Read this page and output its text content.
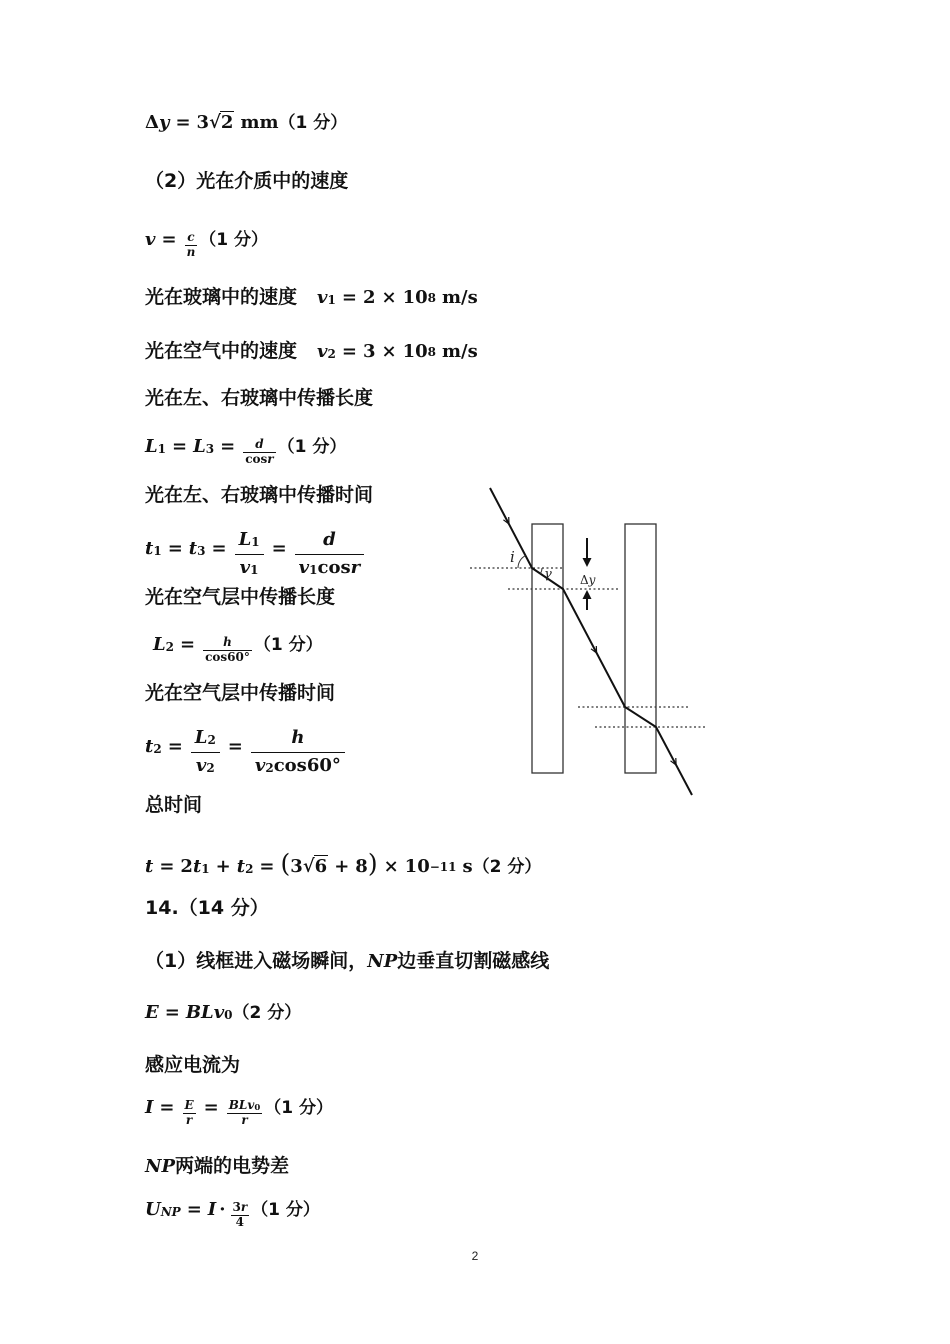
Δ y = 3 √ 2 mm （1 分）
（2）光在介质中的速度
$v = \frac{c}{n} (1$ 分）
光在玻璃中的速度 v $_1$ = 2 × 10 $^8$ m/s
光在空气中的速度 v $_2$ = 3 × 10 $^8$ m/s
光在左、右玻璃中传播长度
L $_1$ = L $_3 = \frac{d}{\cos r} (1$ 分）
光在左、右玻璃中传播时间
t $_1$ = t $_3 = \frac{L_1}{v_1} = \frac{d}{v_1\cos r}$
光在空气层中传播长度
L $_2 = \frac{h}{\cos 60^\circ} (1$ 分）
光在空气层中传播时间
t $_2 = \frac{L_2}{v_2} = \frac{h}{v_2\cos 60^\circ}$
总时间
t = 2 t $_1$ + t $_2$ = ( 3 √ 6 + 8 ) × 10 $^{-11}$ s （2 分）
14.（14 分）
（1）线框进入磁场瞬间， NP 边垂直切割磁感线
E = BLv $_0$ （2 分）
感应电流为
$I = \frac{E}{r} = \frac{BLv_0}{r} (1$ 分）
NP 两端的电势差
U $_{NP} = I \cdot \frac{3r}{4} (1$ 分）
i
γ Δy
2
